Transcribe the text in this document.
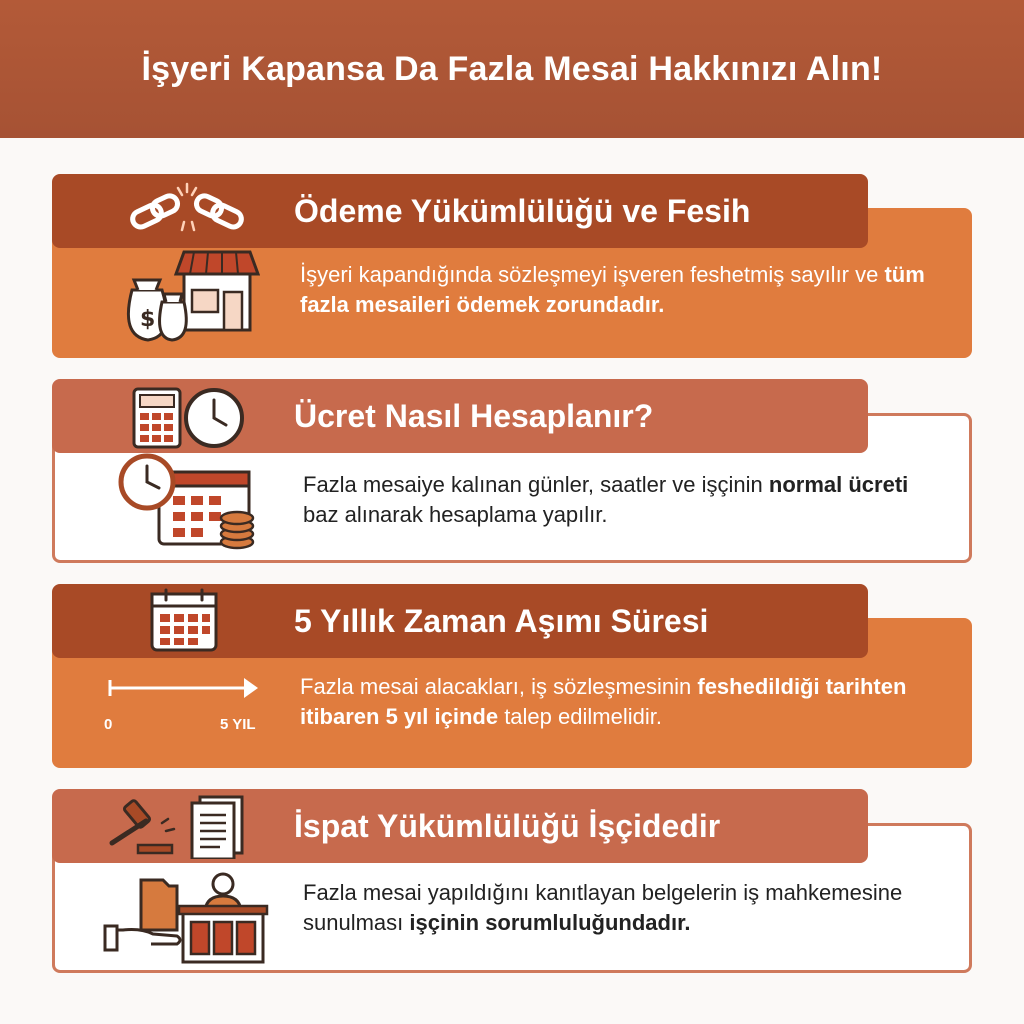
İşyeri Kapansa Da Fazla Mesai Hakkınızı Alın!
$
İşyeri kapandığında sözleşmeyi işveren feshetmiş sayılır ve tüm fazla mesaileri ödemek zorundadır.
Ödeme Yükümlülüğü ve Fesih
Fazla mesaiye kalınan günler, saatler ve işçinin normal ücreti baz alınarak hesaplama yapılır.
Ücret Nasıl Hesaplanır?
0	5 YIL
Fazla mesai alacakları, iş sözleşmesinin feshedildiği tarihten itibaren 5 yıl içinde talep edilmelidir.
5 Yıllık Zaman Aşımı Süresi
Fazla mesai yapıldığını kanıtlayan belgelerin iş mahkemesine sunulması işçinin sorumluluğundadır.
İspat Yükümlülüğü İşçidedir
